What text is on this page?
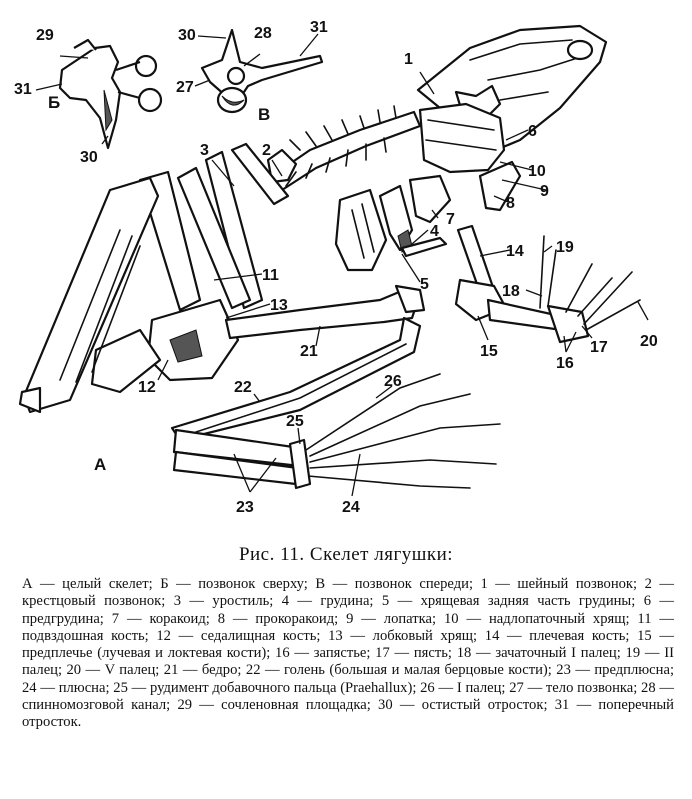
А
Б
В
1
2
3
4
5
6
7
8
9
10
11
12
13
14
15
16
17
18
19
20
21
22
23	24
25
26
27
28
29	30
30
31
31
Рис. 11. Скелет лягушки:
А — целый скелет; Б — позвонок сверху; В — позвонок спереди; 1 — шейный позвонок; 2 — крестцовый позвонок; 3 — уростиль; 4 — грудина; 5 — хрящевая задняя часть грудины; 6 — предгрудина; 7 — коракоид; 8 — прокоракоид; 9 — лопатка; 10 — надлопаточный хрящ; 11 — подвздошная кость; 12 — седалищная кость; 13 — лобковый хрящ; 14 — плечевая кость; 15 — предплечье (лучевая и локтевая кости); 16 — запястье; 17 — пясть; 18 — зачаточный I палец; 19 — II палец; 20 — V палец; 21 — бедро; 22 — голень (большая и малая берцовые кости); 23 — предплюсна; 24 — плюсна; 25 — рудимент добавочного пальца (Praehallux); 26 — I палец; 27 — тело позвонка; 28 — спинномозговой канал; 29 — сочленовная площадка; 30 — остистый отросток; 31 — поперечный отросток.
